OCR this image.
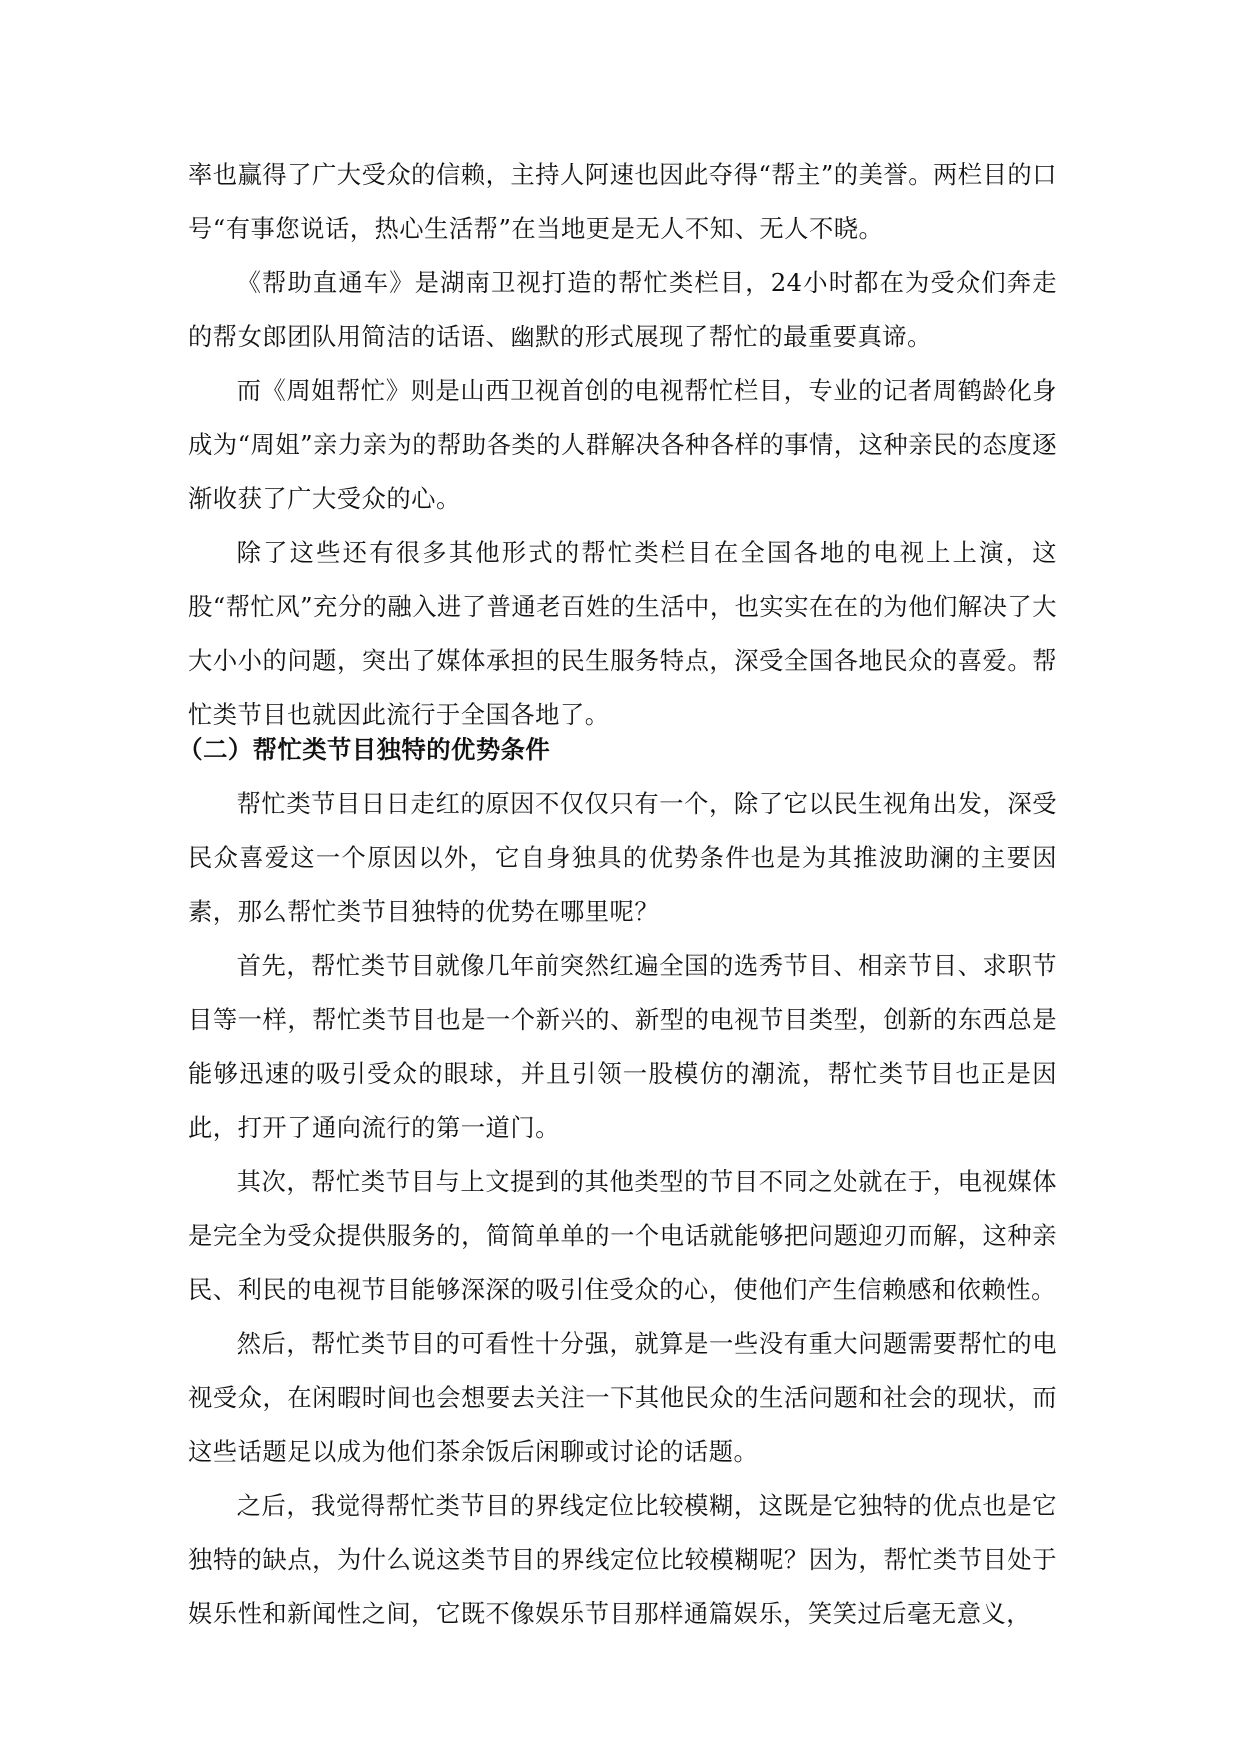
率也赢得了广大受众的信赖，主持人阿速也因此夺得“帮主”的美誉。两栏目的口号“有事您说话，热心生活帮”在当地更是无人不知、无人不晓。

《帮助直通车》是湖南卫视打造的帮忙类栏目，24小时都在为受众们奔走的帮女郎团队用简洁的话语、幽默的形式展现了帮忙的最重要真谛。

而《周姐帮忙》则是山西卫视首创的电视帮忙栏目，专业的记者周鹤龄化身成为“周姐”亲力亲为的帮助各类的人群解决各种各样的事情，这种亲民的态度逐渐收获了广大受众的心。

除了这些还有很多其他形式的帮忙类栏目在全国各地的电视上上演，这股“帮忙风”充分的融入进了普通老百姓的生活中，也实实在在的为他们解决了大大小小的问题，突出了媒体承担的民生服务特点，深受全国各地民众的喜爱。帮忙类节目也就因此流行于全国各地了。

（二）帮忙类节目独特的优势条件

帮忙类节目日日走红的原因不仅仅只有一个，除了它以民生视角出发，深受民众喜爱这一个原因以外，它自身独具的优势条件也是为其推波助澜的主要因素，那么帮忙类节目独特的优势在哪里呢？

首先，帮忙类节目就像几年前突然红遍全国的选秀节目、相亲节目、求职节目等一样，帮忙类节目也是一个新兴的、新型的电视节目类型，创新的东西总是能够迅速的吸引受众的眼球，并且引领一股模仿的潮流，帮忙类节目也正是因此，打开了通向流行的第一道门。

其次，帮忙类节目与上文提到的其他类型的节目不同之处就在于，电视媒体是完全为受众提供服务的，简简单单的一个电话就能够把问题迎刃而解，这种亲民、利民的电视节目能够深深的吸引住受众的心，使他们产生信赖感和依赖性。

然后，帮忙类节目的可看性十分强，就算是一些没有重大问题需要帮忙的电视受众，在闲暇时间也会想要去关注一下其他民众的生活问题和社会的现状，而这些话题足以成为他们茶余饭后闲聊或讨论的话题。

之后，我觉得帮忙类节目的界线定位比较模糊，这既是它独特的优点也是它独特的缺点，为什么说这类节目的界线定位比较模糊呢？因为，帮忙类节目处于娱乐性和新闻性之间，它既不像娱乐节目那样通篇娱乐，笑笑过后毫无意义，
